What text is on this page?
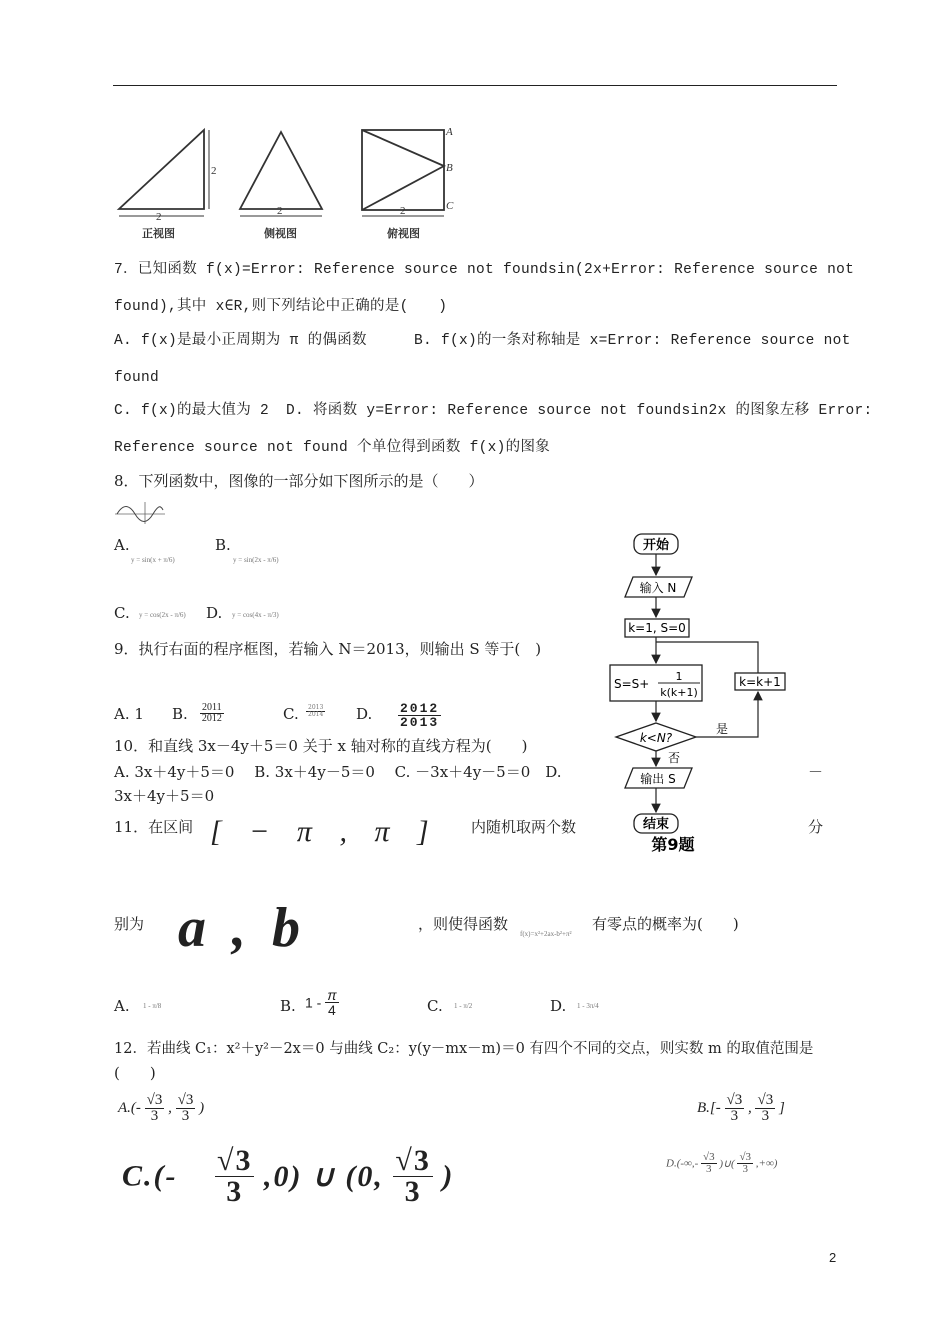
2
2
正视图
2
侧视图
2
A
B
C
俯视图
7．已知函数 f(x)=Error: Reference source not foundsin(2x+Error: Reference source not
found),其中 x∈R,则下列结论中正确的是(　　)
A. f(x)是最小正周期为 π 的偶函数	B. f(x)的一条对称轴是 x=Error: Reference source not
found
C. f(x)的最大值为 2 D. 将函数 y=Error: Reference source not foundsin2x 的图象左移 Error:
Reference source not found 个单位得到函数 f(x)的图象
8．下列函数中，图像的一部分如下图所示的是（　　）
A.
y = sin(x + π/6)
B.
y = sin(2x - π/6)
C. y = cos(2x - π/6) D. y = cos(4x - π/3)
9．执行右面的程序框图，若输入 N＝2013，则输出 S 等于(　)
A. 1 B. $\frac{2011}{2012}$	C. $\frac{2013}{2014} D$. $\frac{2012}{2013}$
开始
输入 N
k=1, S=0
S=S+
1
k(k+1)
k<N?
是
k=k+1
否
输出 S
结束
第9题
10．和直线 3x－4y＋5＝0 关于 x 轴对称的直线方程为(　　)
A. 3x＋4y＋5＝0　 B. 3x＋4y－5＝0　 C. －3x＋4y－5＝0　D.	－
3x＋4y＋5＝0
11．在区间 [ − π , π ] 内随机取两个数	分
别为 a , b	，则使得函数
f(x)=x²+2ax-b²+π²
有零点的概率为(　　)
A. 1 - π/8	B. $1 - \frac{\pi}{4}$	C. 1 - π/2	D. 1 - 3π/4
12．若曲线 C₁：x²＋y²－2x＝0 与曲线 C₂：y(y－mx－m)＝0 有四个不同的交点，则实数 m 的取值范围是
(　　)
$A.(- \frac{√3}{3}$ , $\frac{√3}{3}$ )	$B.[- \frac{√3}{3}$ , $\frac{√3}{3}$ ]
$C.(- \frac{√3}{3} ,0)$ ∪ (0, $\frac{√3}{3}$ )	$D.(-\infty,- \frac{√3}{3}$ )∪( $\frac{√3}{3}$ ,+∞)
2
